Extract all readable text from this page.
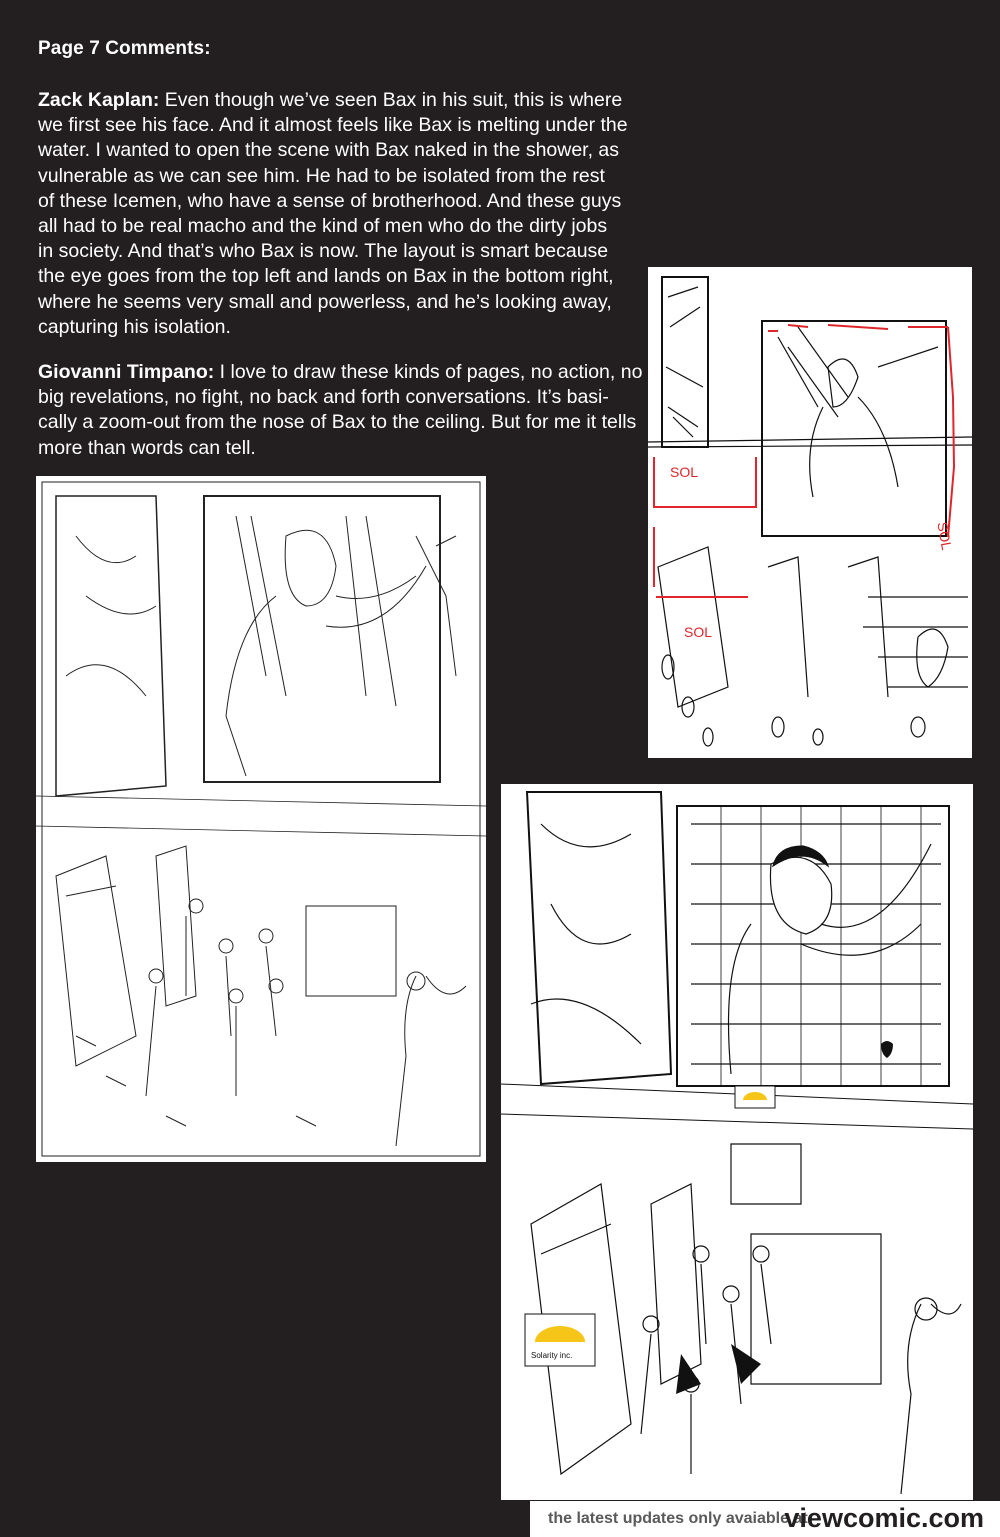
Page 7 Comments:
Zack Kaplan: Even though we’ve seen Bax in his suit, this is where
we first see his face. And it almost feels like Bax is melting under the
water. I wanted to open the scene with Bax naked in the shower, as
vulnerable as we can see him. He had to be isolated from the rest
of these Icemen, who have a sense of brotherhood. And these guys
all had to be real macho and the kind of men who do the dirty jobs
in society. And that’s who Bax is now. The layout is smart because
the eye goes from the top left and lands on Bax in the bottom right,
where he seems very small and powerless, and he’s looking away,
capturing his isolation.
Giovanni Timpano: I love to draw these kinds of pages, no action, no
big revelations, no fight, no back and forth conversations. It’s basi-
cally a zoom-out from the nose of Bax to the ceiling. But for me it tells
more than words can tell.
SOL
SOL
SOL
Solarity inc.
the latest updates only avaiable at:
viewcomic.com
